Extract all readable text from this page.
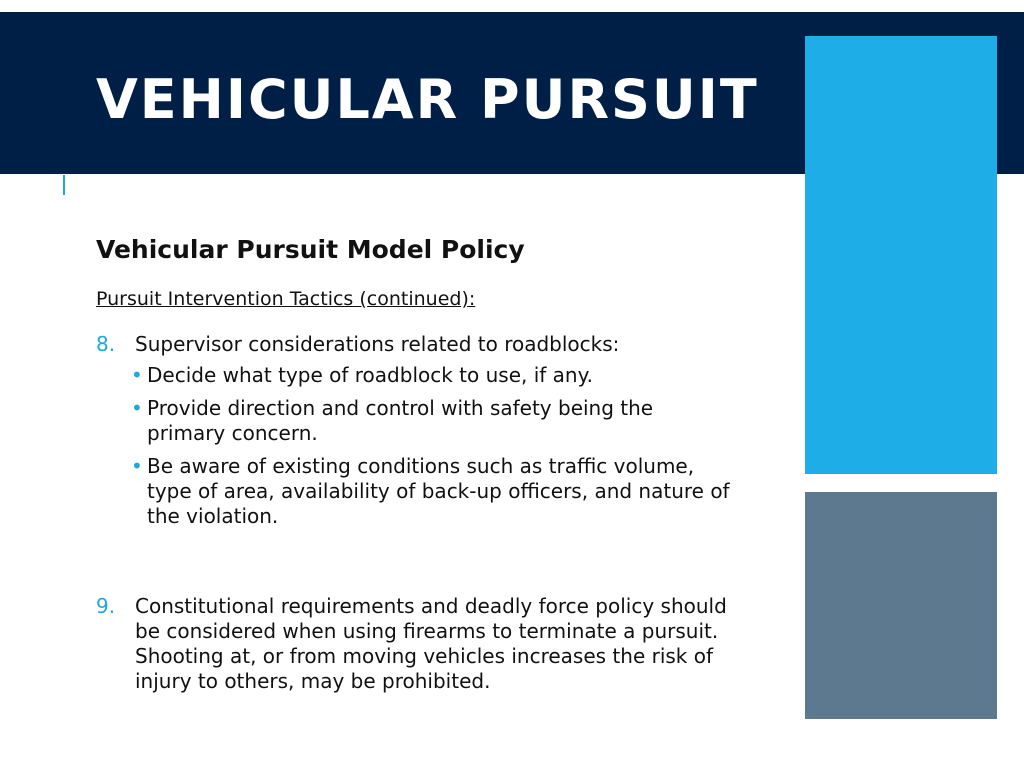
VEHICULAR PURSUIT
Vehicular Pursuit Model Policy
Pursuit Intervention Tactics (continued):
8. Supervisor considerations related to roadblocks:
• Decide what type of roadblock to use, if any.
• Provide direction and control with safety being the primary concern.
• Be aware of existing conditions such as traffic volume, type of area, availability of back-up officers, and nature of the violation.
9. Constitutional requirements and deadly force policy should be considered when using firearms to terminate a pursuit. Shooting at, or from moving vehicles increases the risk of injury to others, may be prohibited.
